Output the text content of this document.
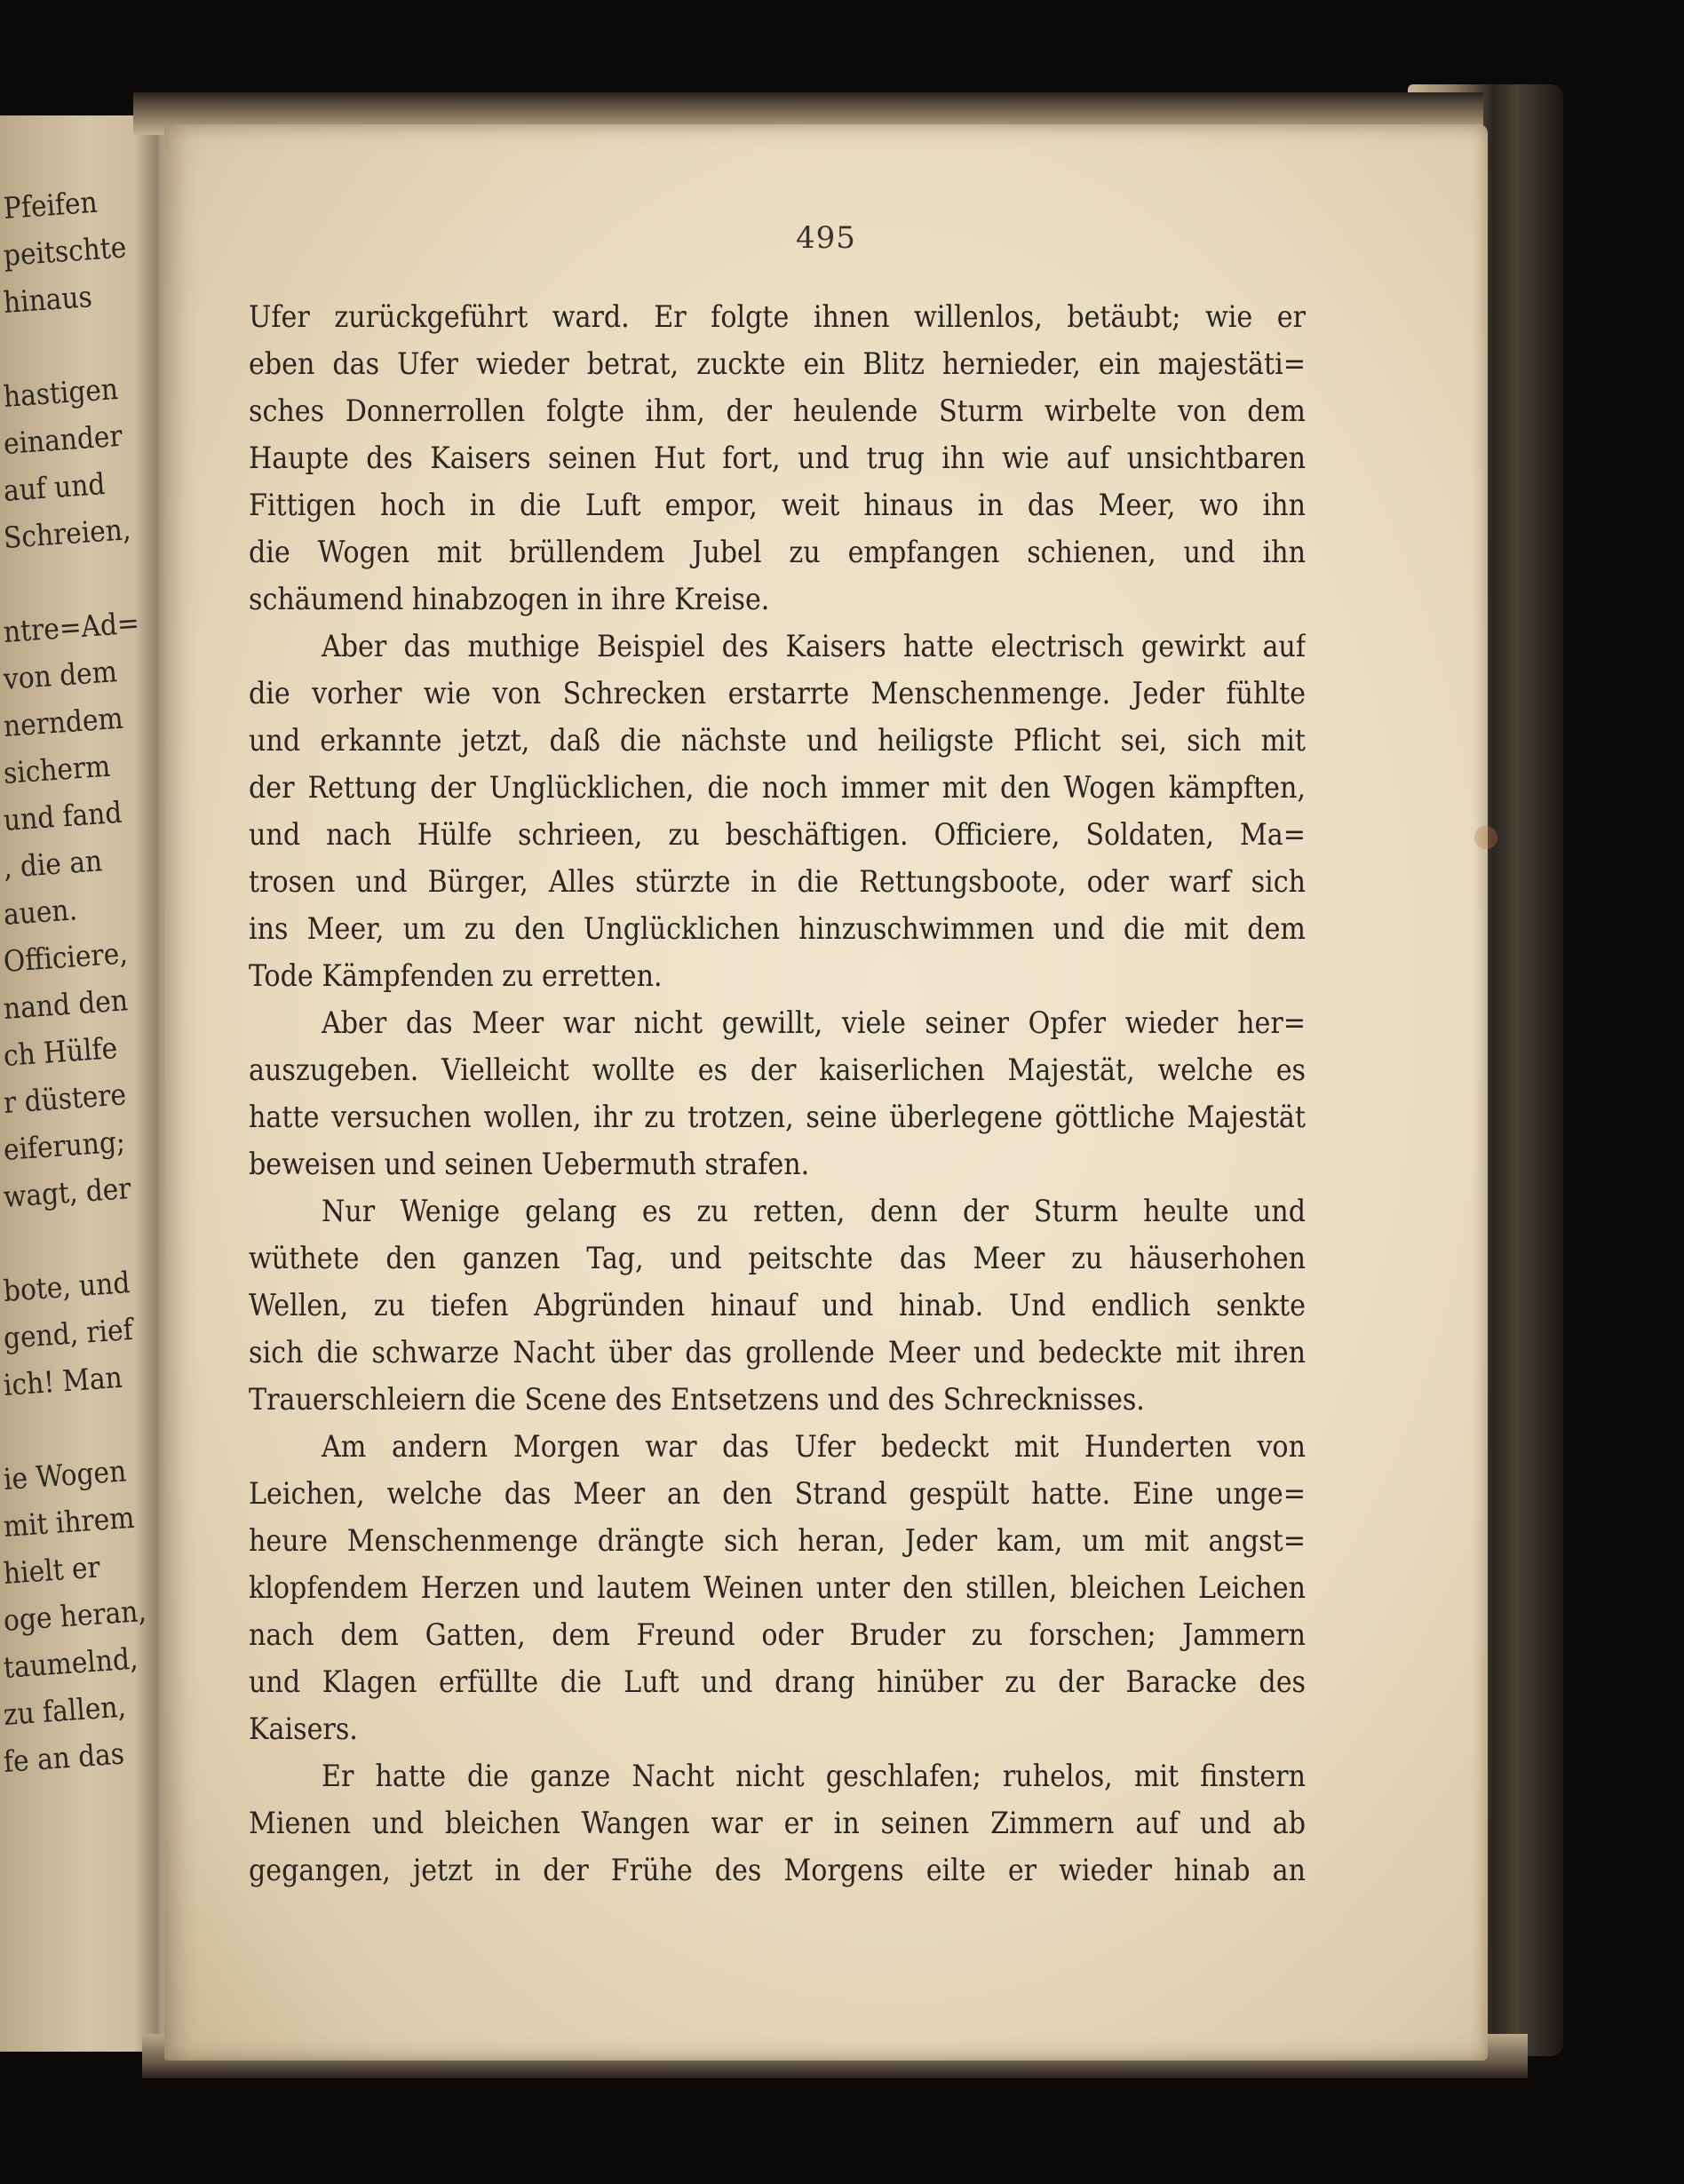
Pfeifen
peitschte
hinaus
hastigen
einander
auf und
Schreien,
ntre=Ad=
von dem
nerndem
sicherm
und fand
, die an
auen.
Officiere,
nand den
ch Hülfe
r düstere
eiferung;
wagt, der
bote, und
gend, rief
ich! Man
ie Wogen
mit ihrem
hielt er
oge heran,
taumelnd,
zu fallen,
fe an das
495
Ufer zurückgeführt ward. Er folgte ihnen willenlos, betäubt; wie er
eben das Ufer wieder betrat, zuckte ein Blitz hernieder, ein majestäti=
sches Donnerrollen folgte ihm, der heulende Sturm wirbelte von dem
Haupte des Kaisers seinen Hut fort, und trug ihn wie auf unsichtbaren
Fittigen hoch in die Luft empor, weit hinaus in das Meer, wo ihn
die Wogen mit brüllendem Jubel zu empfangen schienen, und ihn
schäumend hinabzogen in ihre Kreise.
Aber das muthige Beispiel des Kaisers hatte electrisch gewirkt auf
die vorher wie von Schrecken erstarrte Menschenmenge. Jeder fühlte
und erkannte jetzt, daß die nächste und heiligste Pflicht sei, sich mit
der Rettung der Unglücklichen, die noch immer mit den Wogen kämpften,
und nach Hülfe schrieen, zu beschäftigen. Officiere, Soldaten, Ma=
trosen und Bürger, Alles stürzte in die Rettungsboote, oder warf sich
ins Meer, um zu den Unglücklichen hinzuschwimmen und die mit dem
Tode Kämpfenden zu erretten.
Aber das Meer war nicht gewillt, viele seiner Opfer wieder her=
auszugeben. Vielleicht wollte es der kaiserlichen Majestät, welche es
hatte versuchen wollen, ihr zu trotzen, seine überlegene göttliche Majestät
beweisen und seinen Uebermuth strafen.
Nur Wenige gelang es zu retten, denn der Sturm heulte und
wüthete den ganzen Tag, und peitschte das Meer zu häuserhohen
Wellen, zu tiefen Abgründen hinauf und hinab. Und endlich senkte
sich die schwarze Nacht über das grollende Meer und bedeckte mit ihren
Trauerschleiern die Scene des Entsetzens und des Schrecknisses.
Am andern Morgen war das Ufer bedeckt mit Hunderten von
Leichen, welche das Meer an den Strand gespült hatte. Eine unge=
heure Menschenmenge drängte sich heran, Jeder kam, um mit angst=
klopfendem Herzen und lautem Weinen unter den stillen, bleichen Leichen
nach dem Gatten, dem Freund oder Bruder zu forschen; Jammern
und Klagen erfüllte die Luft und drang hinüber zu der Baracke des
Kaisers.
Er hatte die ganze Nacht nicht geschlafen; ruhelos, mit finstern
Mienen und bleichen Wangen war er in seinen Zimmern auf und ab
gegangen, jetzt in der Frühe des Morgens eilte er wieder hinab an
